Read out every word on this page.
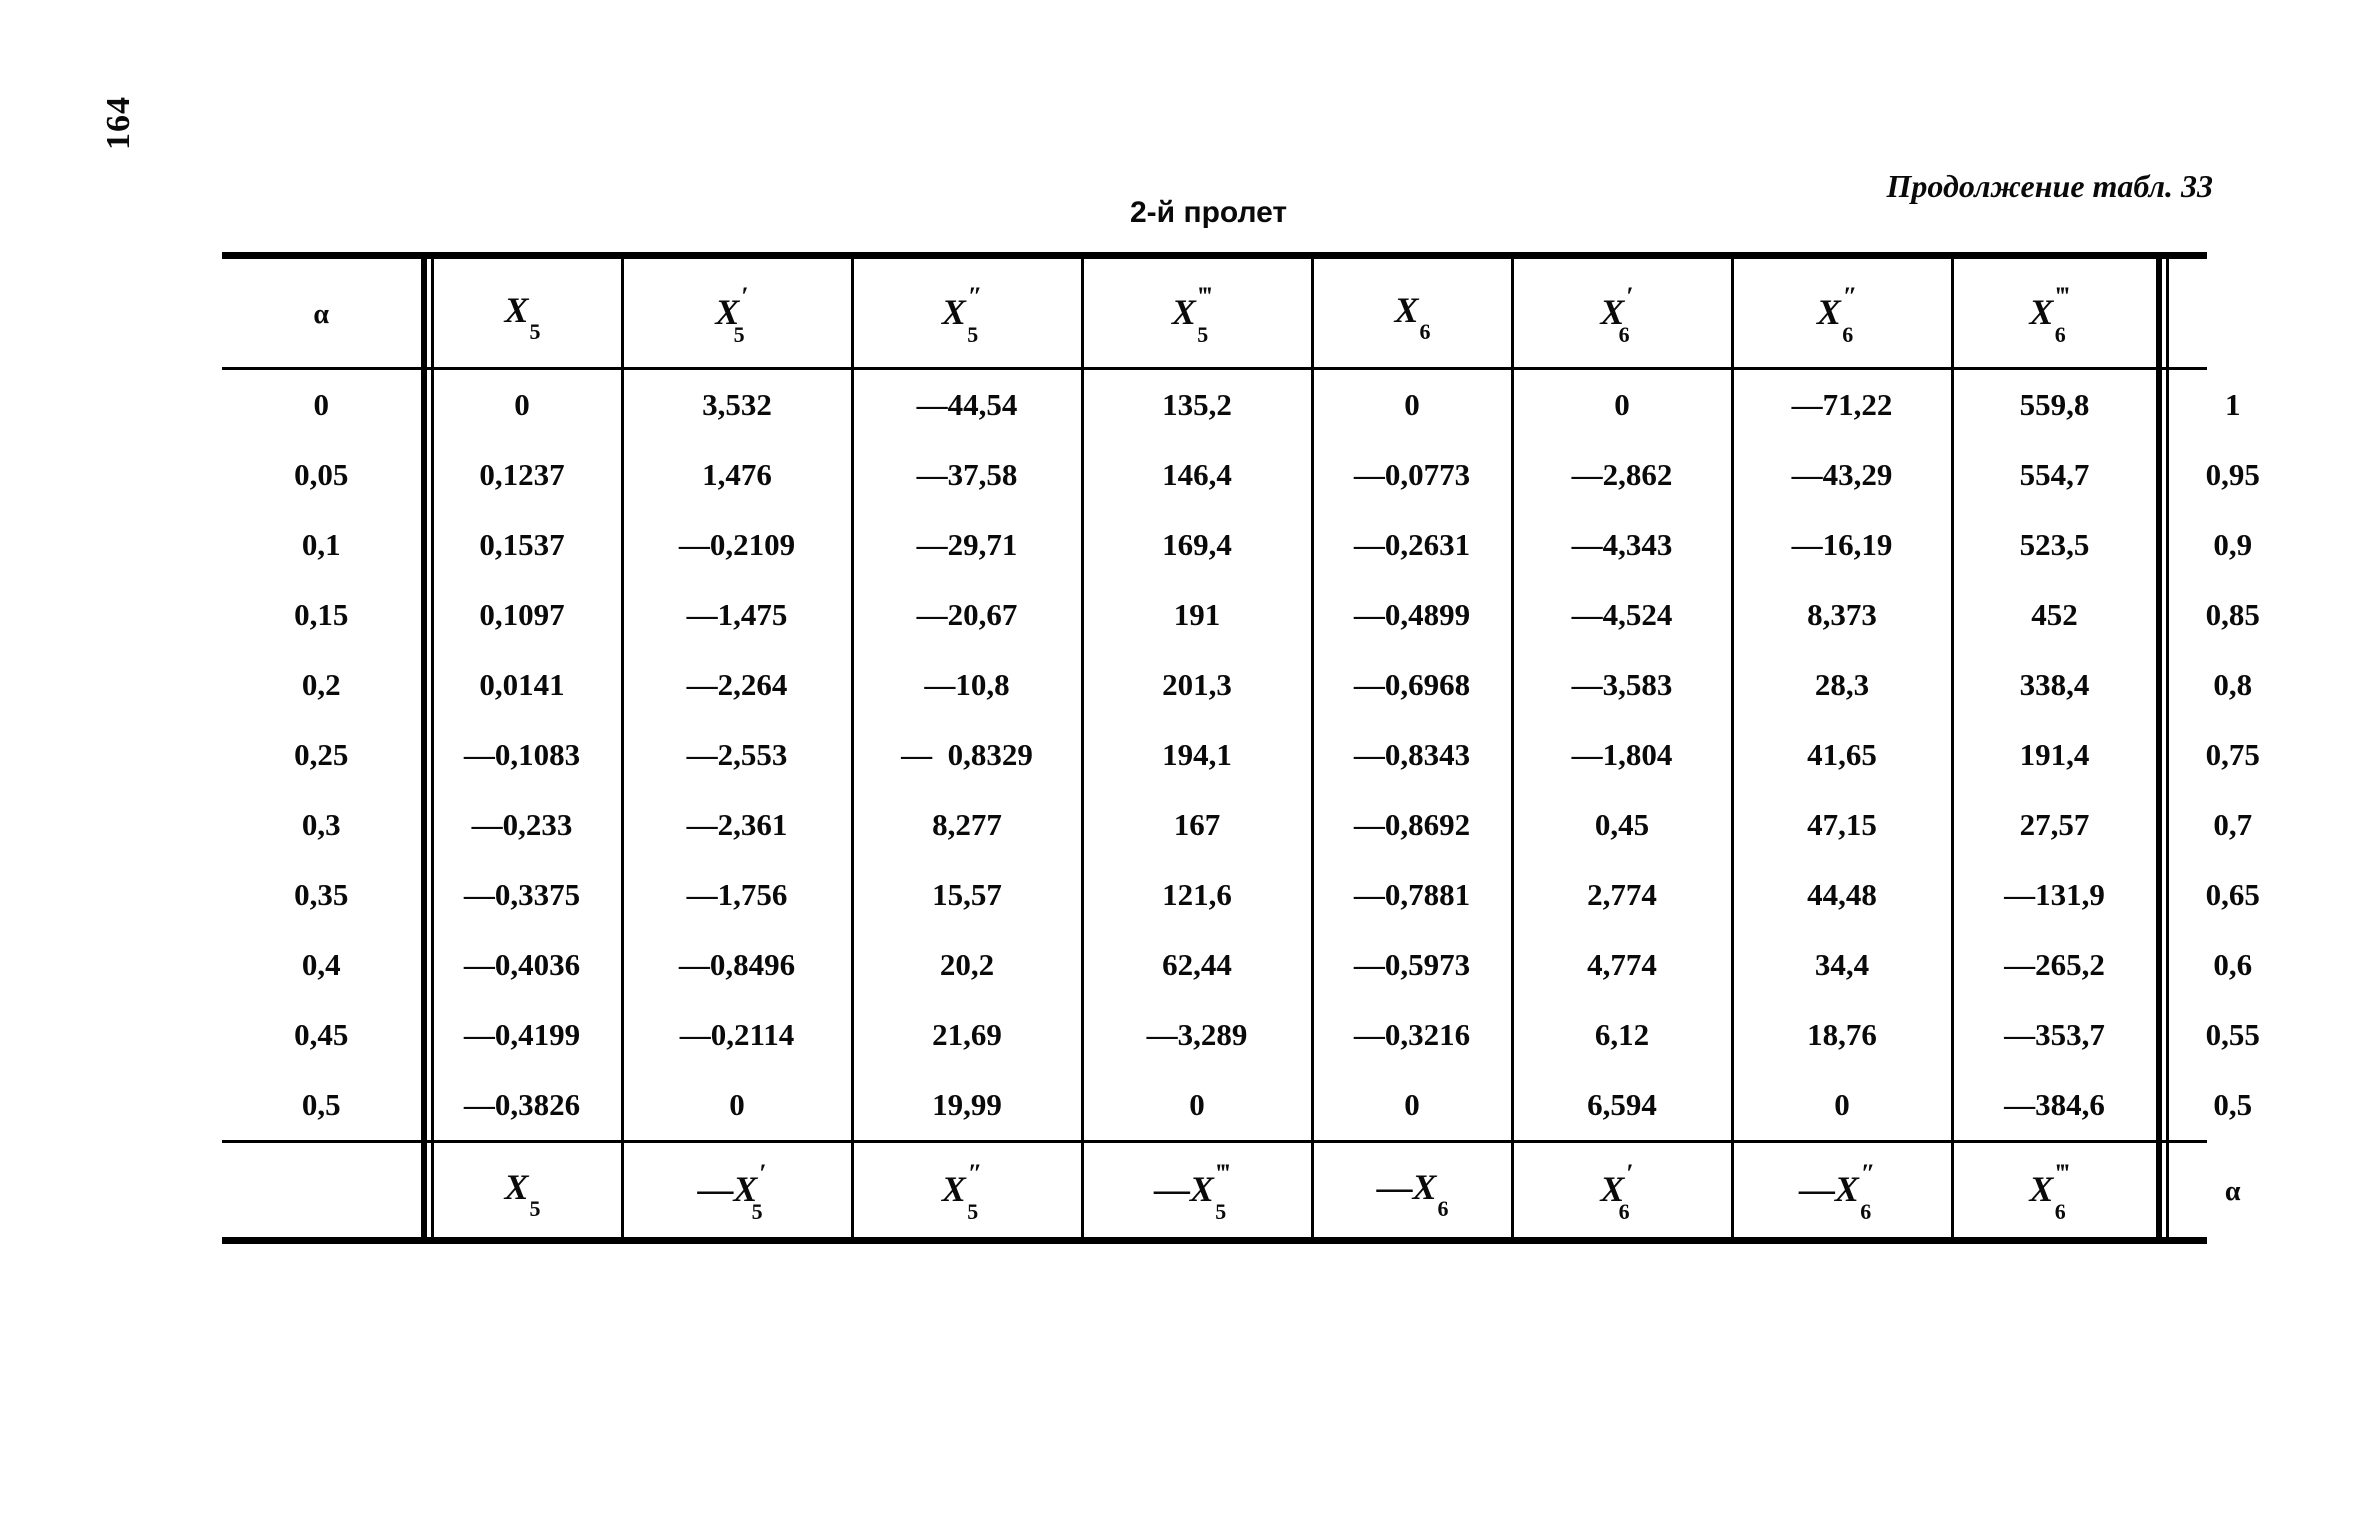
164
Продолжение табл. 33
2-й пролет
α	$X_5$	$X'_5$	$X''_5$	$X^‴_5$	$X_6$	$X'_6$	$X''_6$	$X^‴_6$	
0	0	3,532	—44,54	135,2	0	0	—71,22	559,8	1
0,05	0,1237	1,476	—37,58	146,4	—0,0773	—2,862	—43,29	554,7	0,95
0,1	0,1537	—0,2109	—29,71	169,4	—0,2631	—4,343	—16,19	523,5	0,9
0,15	0,1097	—1,475	—20,67	191	—0,4899	—4,524	8,373	452	0,85
0,2	0,0141	—2,264	—10,8	201,3	—0,6968	—3,583	28,3	338,4	0,8
0,25	—0,1083	—2,553	—  0,8329	194,1	—0,8343	—1,804	41,65	191,4	0,75
0,3	—0,233	—2,361	8,277	167	—0,8692	0,45	47,15	27,57	0,7
0,35	—0,3375	—1,756	15,57	121,6	—0,7881	2,774	44,48	—131,9	0,65
0,4	—0,4036	—0,8496	20,2	62,44	—0,5973	4,774	34,4	—265,2	0,6
0,45	—0,4199	—0,2114	21,69	—3,289	—0,3216	6,12	18,76	—353,7	0,55
0,5	—0,3826	0	19,99	0	0	6,594	0	—384,6	0,5
	$X_5$	$—X'_5$	$X''_5$	$—X^‴_5$	$—X_6$	$X'_6$	$—X''_6$	$X^‴_6$	α
